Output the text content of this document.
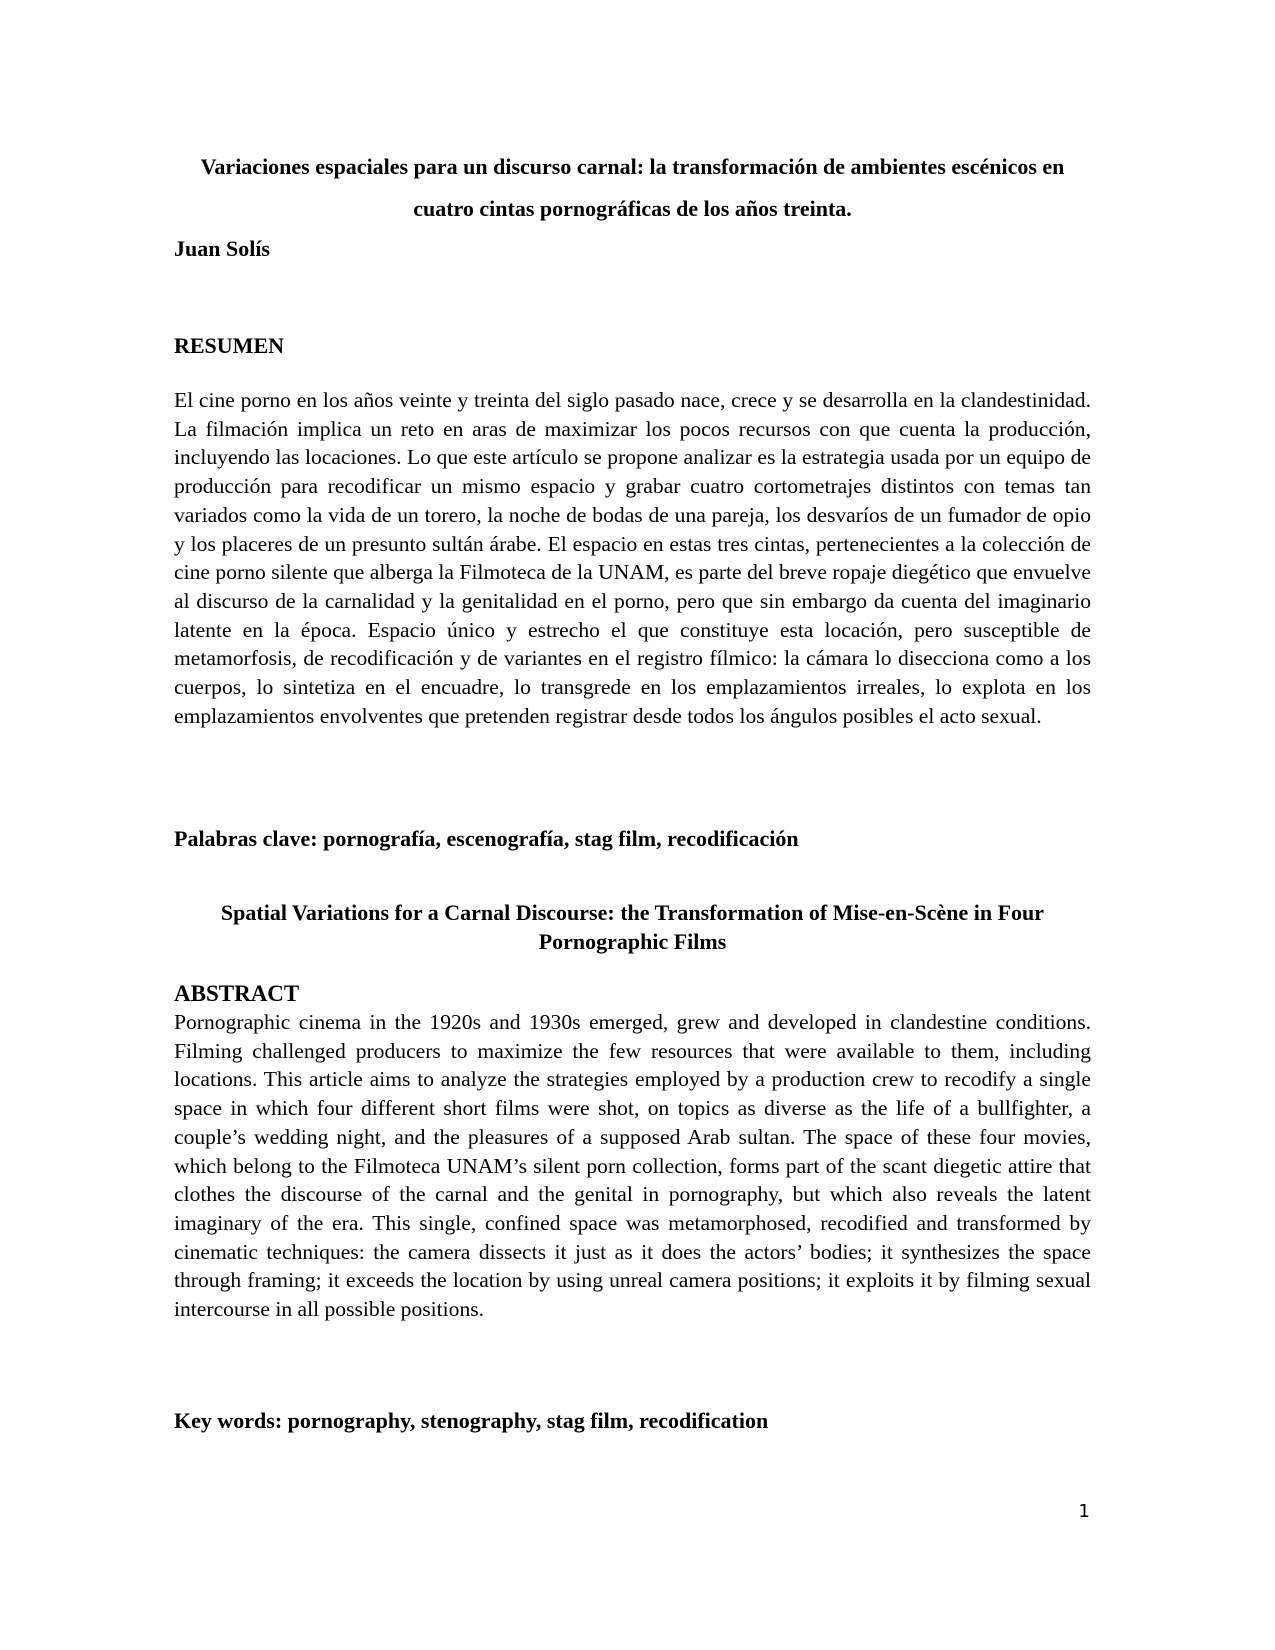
Variaciones espaciales para un discurso carnal: la transformación de ambientes escénicos en cuatro cintas pornográficas de los años treinta.
Juan Solís
RESUMEN
El cine porno en los años veinte y treinta del siglo pasado nace, crece y se desarrolla en la clandestinidad. La filmación implica un reto en aras de maximizar los pocos recursos con que cuenta la producción, incluyendo las locaciones. Lo que este artículo se propone analizar es la estrategia usada por un equipo de producción para recodificar un mismo espacio y grabar cuatro cortometrajes distintos con temas tan variados como la vida de un torero, la noche de bodas de una pareja, los desvaríos de un fumador de opio y los placeres de un presunto sultán árabe. El espacio en estas tres cintas, pertenecientes a la colección de cine porno silente que alberga la Filmoteca de la UNAM, es parte del breve ropaje diegético que envuelve al discurso de la carnalidad y la genitalidad en el porno, pero que sin embargo da cuenta del imaginario latente en la época. Espacio único y estrecho el que constituye esta locación, pero susceptible de metamorfosis, de recodificación y de variantes en el registro fílmico: la cámara lo disecciona como a los cuerpos, lo sintetiza en el encuadre, lo transgrede en los emplazamientos irreales, lo explota en los emplazamientos envolventes que pretenden registrar desde todos los ángulos posibles el acto sexual.
Palabras clave: pornografía, escenografía, stag film, recodificación
Spatial Variations for a Carnal Discourse: the Transformation of Mise-en-Scène in Four Pornographic Films
ABSTRACT
Pornographic cinema in the 1920s and 1930s emerged, grew and developed in clandestine conditions. Filming challenged producers to maximize the few resources that were available to them, including locations. This article aims to analyze the strategies employed by a production crew to recodify a single space in which four different short films were shot, on topics as diverse as the life of a bullfighter, a couple’s wedding night, and the pleasures of a supposed Arab sultan. The space of these four movies, which belong to the Filmoteca UNAM’s silent porn collection, forms part of the scant diegetic attire that clothes the discourse of the carnal and the genital in pornography, but which also reveals the latent imaginary of the era. This single, confined space was metamorphosed, recodified and transformed by cinematic techniques: the camera dissects it just as it does the actors’ bodies; it synthesizes the space through framing; it exceeds the location by using unreal camera positions; it exploits it by filming sexual intercourse in all possible positions.
Key words: pornography, stenography, stag film, recodification
1
